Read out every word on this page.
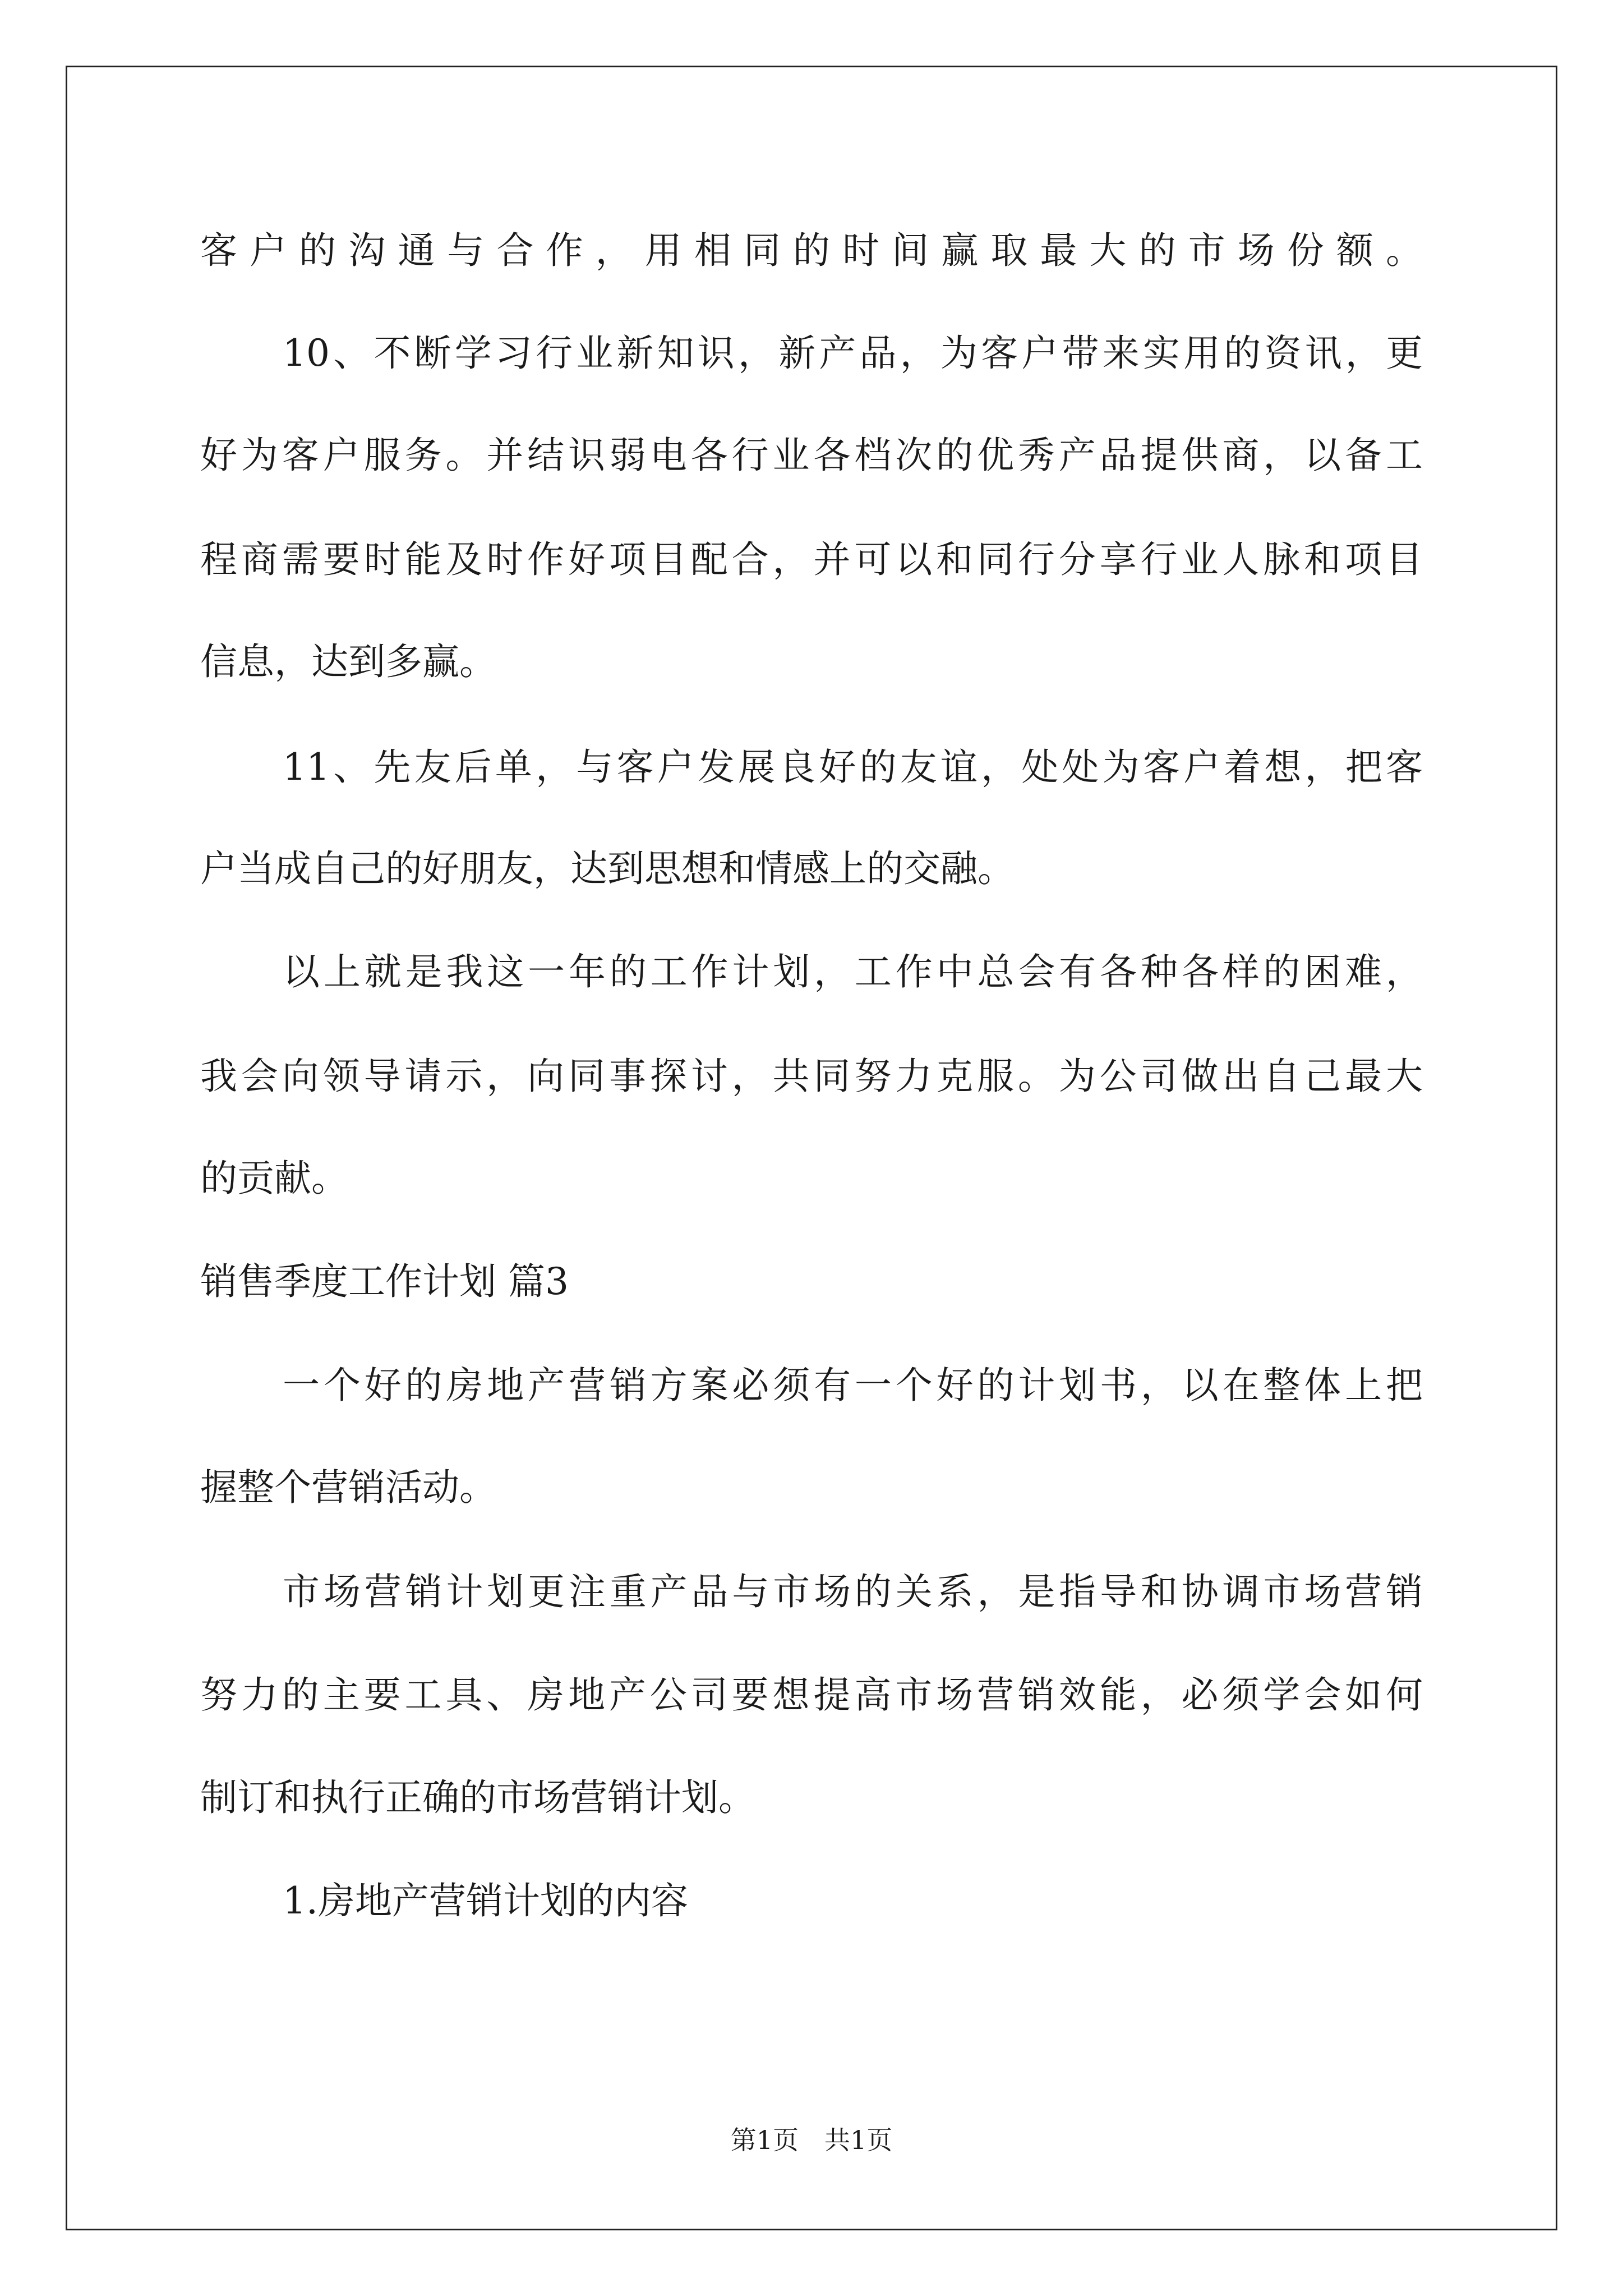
客户的沟通与合作，用相同的时间赢取最大的市场份额。
10、不断学习行业新知识，新产品，为客户带来实用的资讯，更
好为客户服务。并结识弱电各行业各档次的优秀产品提供商，以备工
程商需要时能及时作好项目配合，并可以和同行分享行业人脉和项目
信息，达到多赢。
11、先友后单，与客户发展良好的友谊，处处为客户着想，把客
户当成自己的好朋友，达到思想和情感上的交融。
以上就是我这一年的工作计划，工作中总会有各种各样的困难，
我会向领导请示，向同事探讨，共同努力克服。为公司做出自己最大
的贡献。
销售季度工作计划 篇3
一个好的房地产营销方案必须有一个好的计划书，以在整体上把
握整个营销活动。
市场营销计划更注重产品与市场的关系，是指导和协调市场营销
努力的主要工具、房地产公司要想提高市场营销效能，必须学会如何
制订和执行正确的市场营销计划。
1.房地产营销计划的内容
第1页　共1页
